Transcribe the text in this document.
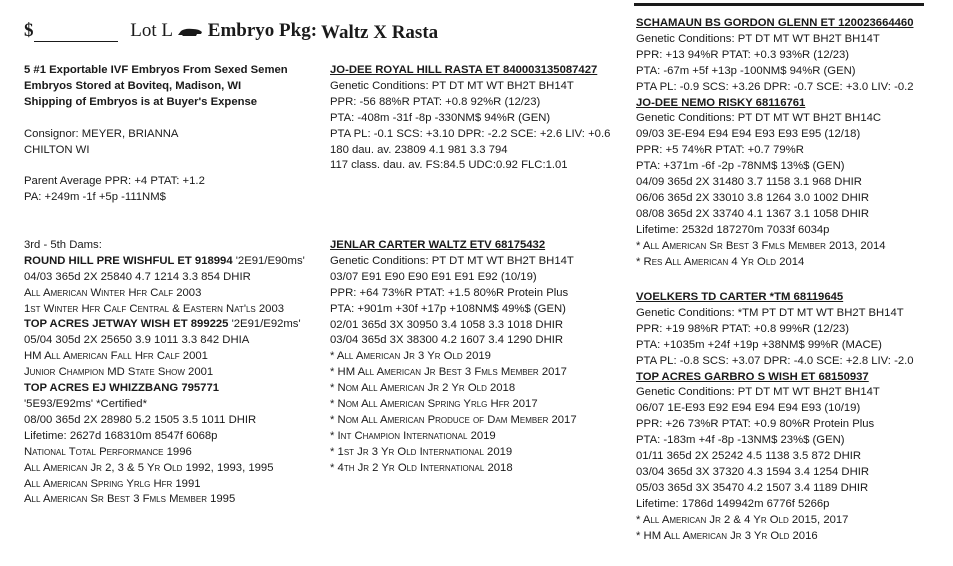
$	Lot L Embryo Pkg: Waltz X Rasta
5 #1 Exportable IVF Embryos From Sexed Semen
Embryos Stored at Boviteq, Madison, WI
Shipping of Embryos is at Buyer's Expense
Consignor: MEYER, BRIANNA
CHILTON WI
Parent Average PPR: +4 PTAT: +1.2
PA: +249m -1f +5p -111NM$
3rd - 5th Dams:
ROUND HILL PRE WISHFUL ET 918994 '2E91/E90ms'
04/03 365d 2X 25840 4.7 1214 3.3 854 DHIR
All American Winter Hfr Calf 2003
1st Winter Hfr Calf Central & Eastern Nat'ls 2003
TOP ACRES JETWAY WISH ET 899225 '2E91/E92ms'
05/04 305d 2X 25650 3.9 1011 3.3 842 DHIA
HM All American Fall Hfr Calf 2001
Junior Champion MD State Show 2001
TOP ACRES EJ WHIZZBANG 795771
'5E93/E92ms' *Certified*
08/00 365d 2X 28980 5.2 1505 3.5 1011 DHIR
Lifetime: 2627d 168310m 8547f 6068p
National Total Performance 1996
All American Jr 2, 3 & 5 Yr Old 1992, 1993, 1995
All American Spring Yrlg Hfr 1991
All American Sr Best 3 Fmls Member 1995
JO-DEE ROYAL HILL RASTA ET 840003135087427
Genetic Conditions: PT DT MT WT BH2T BH14T
PPR: -56 88%R PTAT: +0.8 92%R (12/23)
PTA: -408m -31f -8p -330NM$ 94%R (GEN)
PTA PL: -0.1 SCS: +3.10 DPR: -2.2 SCE: +2.6 LIV: +0.6
180 dau. av. 23809 4.1 981 3.3 794
117 class. dau. av. FS:84.5 UDC:0.92 FLC:1.01
JENLAR CARTER WALTZ ETV 68175432
Genetic Conditions: PT DT MT WT BH2T BH14T
03/07 E91 E90 E90 E91 E91 E92 (10/19)
PPR: +64 73%R PTAT: +1.5 80%R Protein Plus
PTA: +901m +30f +17p +108NM$ 49%$ (GEN)
02/01 365d 3X 30950 3.4 1058 3.3 1018 DHIR
03/04 365d 3X 38300 4.2 1607 3.4 1290 DHIR
* All American Jr 3 Yr Old 2019
* HM All American Jr Best 3 Fmls Member 2017
* Nom All American Jr 2 Yr Old 2018
* Nom All American Spring Yrlg Hfr 2017
* Nom All American Produce of Dam Member 2017
* Int Champion International 2019
* 1st Jr 3 Yr Old International 2019
* 4th Jr 2 Yr Old International 2018
SCHAMAUN BS GORDON GLENN ET 120023664460
Genetic Conditions: PT DT MT WT BH2T BH14T
PPR: +13 94%R PTAT: +0.3 93%R (12/23)
PTA: -67m +5f +13p -100NM$ 94%R (GEN)
PTA PL: -0.9 SCS: +3.26 DPR: -0.7 SCE: +3.0 LIV: -0.2
JO-DEE NEMO RISKY 68116761
Genetic Conditions: PT DT MT WT BH2T BH14C
09/03 3E-E94 E94 E94 E93 E93 E95 (12/18)
PPR: +5 74%R PTAT: +0.7 79%R
PTA: +371m -6f -2p -78NM$ 13%$ (GEN)
04/09 365d 2X 31480 3.7 1158 3.1 968 DHIR
06/06 365d 2X 33010 3.8 1264 3.0 1002 DHIR
08/08 365d 2X 33740 4.1 1367 3.1 1058 DHIR
Lifetime: 2532d 187270m 7033f 6034p
* All American Sr Best 3 Fmls Member 2013, 2014
* Res All American 4 Yr Old 2014
VOELKERS TD CARTER *TM 68119645
Genetic Conditions: *TM PT DT MT WT BH2T BH14T
PPR: +19 98%R PTAT: +0.8 99%R (12/23)
PTA: +1035m +24f +19p +38NM$ 99%R (MACE)
PTA PL: -0.8 SCS: +3.07 DPR: -4.0 SCE: +2.8 LIV: -2.0
TOP ACRES GARBRO S WISH ET 68150937
Genetic Conditions: PT DT MT WT BH2T BH14T
06/07 1E-E93 E92 E94 E94 E94 E93 (10/19)
PPR: +26 73%R PTAT: +0.9 80%R Protein Plus
PTA: -183m +4f -8p -13NM$ 23%$ (GEN)
01/11 365d 2X 25242 4.5 1138 3.5 872 DHIR
03/04 365d 3X 37320 4.3 1594 3.4 1254 DHIR
05/03 365d 3X 35470 4.2 1507 3.4 1189 DHIR
Lifetime: 1786d 149942m 6776f 5266p
* All American Jr 2 & 4 Yr Old 2015, 2017
* HM All American Jr 3 Yr Old 2016
